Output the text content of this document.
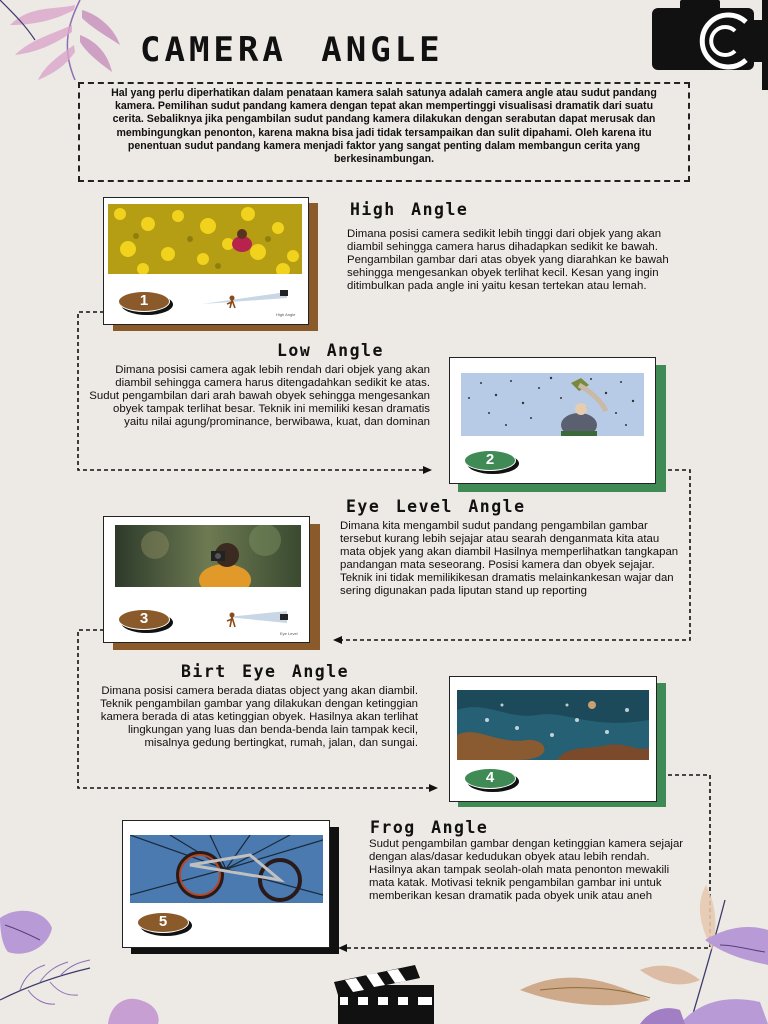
CAMERA ANGLE
Hal yang perlu diperhatikan dalam penataan kamera salah satunya adalah camera angle atau sudut pandang kamera. Pemilihan sudut pandang kamera dengan tepat akan mempertinggi visualisasi dramatik dari suatu cerita. Sebaliknya jika pengambilan sudut pandang kamera dilakukan dengan serabutan dapat merusak dan membingungkan penonton, karena makna bisa jadi tidak tersampaikan dan sulit dipahami. Oleh karena itu penentuan sudut pandang kamera menjadi faktor yang sangat penting dalam membangun cerita yang berkesinambungan.
1
High Angle
High Angle
Dimana posisi camera sedikit lebih tinggi dari objek yang akan diambil sehingga camera harus dihadapkan sedikit ke bawah. Pengambilan gambar dari atas obyek yang diarahkan ke bawah sehingga mengesankan obyek terlihat kecil. Kesan yang ingin ditimbulkan pada angle ini yaitu kesan tertekan atau lemah.
Low Angle
Dimana posisi camera agak lebih rendah dari objek yang akan diambil sehingga camera harus ditengadahkan sedikit ke atas. Sudut pengambilan dari arah bawah obyek sehingga mengesankan obyek tampak terlihat besar. Teknik ini memiliki kesan dramatis yaitu nilai agung/prominance, berwibawa, kuat, dan dominan
2
3
Eye Level
Eye Level Angle
Dimana kita mengambil sudut pandang pengambilan gambar tersebut kurang lebih sejajar atau searah denganmata kita atau mata objek yang akan diambil Hasilnya memperlihatkan tangkapan pandangan mata seseorang. Posisi kamera dan obyek sejajar. Teknik ini tidak memilikikesan dramatis melainkankesan wajar dan sering digunakan pada liputan stand up reporting
Birt Eye Angle
Dimana posisi camera berada diatas object yang akan diambil. Teknik pengambilan gambar yang dilakukan dengan ketinggian kamera berada di atas ketinggian obyek. Hasilnya akan terlihat lingkungan yang luas dan benda-benda lain tampak kecil, misalnya gedung bertingkat, rumah, jalan, dan sungai.
4
5
Frog Angle
Sudut pengambilan gambar dengan ketinggian kamera sejajar dengan alas/dasar kedudukan obyek atau lebih rendah. Hasilnya akan tampak seolah-olah mata penonton mewakili mata katak. Motivasi teknik pengambilan gambar ini untuk memberikan kesan dramatik pada obyek unik atau aneh
